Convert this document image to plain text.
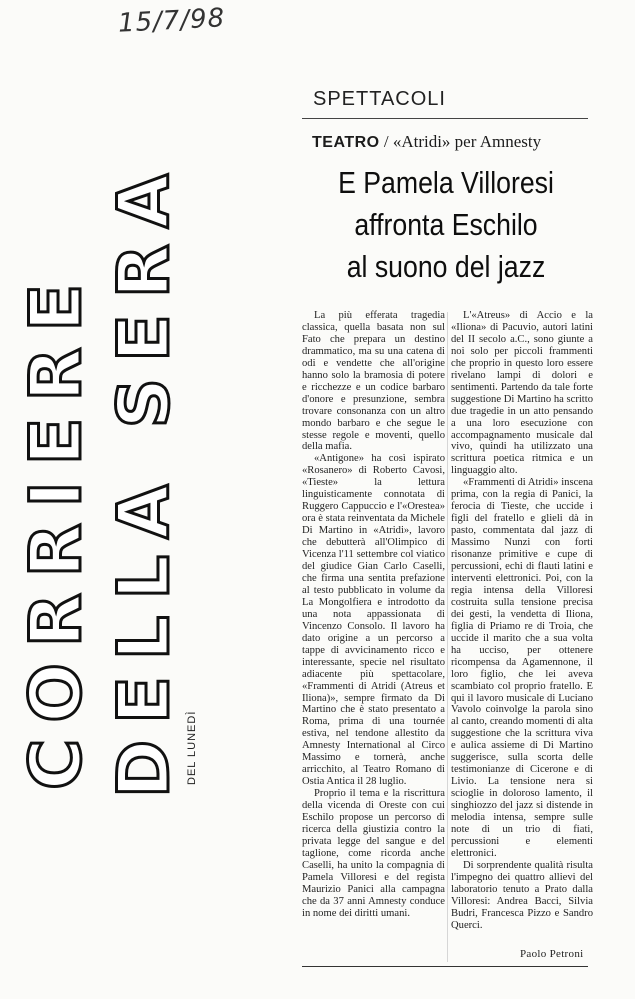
15/7/98
CORRIERE DELLA SERA DEL LUNEDÌ
SPETTACOLI
TEATRO / «Atridi» per Amnesty
E Pamela Villoresi
affronta Eschilo
al suono del jazz

La più efferata tragedia classica, quella basata non sul Fato che prepara un destino drammatico, ma su una catena di odi e vendette che all'origine hanno solo la bramosia di potere e ricchezze e un codice barbaro d'onore e presunzione, sembra trovare consonanza con un altro mondo barbaro e che segue le stesse regole e moventi, quello della mafia.

«Antigone» ha così ispirato «Rosanero» di Roberto Cavosi, «Tieste» la lettura linguisticamente connotata di Ruggero Cappuccio e l'«Orestea» ora è stata reinventata da Michele Di Martino in «Atridi», lavoro che debutterà all'Olimpico di Vicenza l'11 settembre col viatico del giudice Gian Carlo Caselli, che firma una sentita prefazione al testo pubblicato in volume da La Mongolfiera e introdotto da una nota appassionata di Vincenzo Consolo. Il lavoro ha dato origine a un percorso a tappe di avvicinamento ricco e interessante, specie nel risultato adiacente più spettacolare, «Frammenti di Atridi (Atreus et Iliona)», sempre firmato da Di Martino che è stato presentato a Roma, prima di una tournée estiva, nel tendone allestito da Amnesty International al Circo Massimo e tornerà, anche arricchito, al Teatro Romano di Ostia Antica il 28 luglio.

Proprio il tema e la riscrittura della vicenda di Oreste con cui Eschilo propose un percorso di ricerca della giustizia contro la privata legge del sangue e del taglione, come ricorda anche Caselli, ha unito la compagnia di Pamela Villoresi e del regista Maurizio Panici alla campagna che da 37 anni Amnesty conduce in nome dei diritti umani.

L'«Atreus» di Accio e la «Iliona» di Pacuvio, autori latini del II secolo a.C., sono giunte a noi solo per piccoli frammenti che proprio in questo loro essere rivelano lampi di dolori e sentimenti. Partendo da tale forte suggestione Di Martino ha scritto due tragedie in un atto pensando a una loro esecuzione con accompagnamento musicale dal vivo, quindi ha utilizzato una scrittura poetica ritmica e un linguaggio alto.

«Frammenti di Atridi» inscena prima, con la regia di Panici, la ferocia di Tieste, che uccide i figli del fratello e glieli dà in pasto, commentata dal jazz di Massimo Nunzi con forti risonanze primitive e cupe di percussioni, echi di flauti latini e interventi elettronici. Poi, con la regia intensa della Villoresi costruita sulla tensione precisa dei gesti, la vendetta di Iliona, figlia di Priamo re di Troia, che uccide il marito che a sua volta ha ucciso, per ottenere ricompensa da Agamennone, il loro figlio, che lei aveva scambiato col proprio fratello. E qui il lavoro musicale di Luciano Vavolo coinvolge la parola sino al canto, creando momenti di alta suggestione che la scrittura viva e aulica assieme di Di Martino suggerisce, sulla scorta delle testimonianze di Cicerone e di Livio. La tensione nera si scioglie in doloroso lamento, il singhiozzo del jazz si distende in melodia intensa, sempre sulle note di un trio di fiati, percussioni e elementi elettronici.

Di sorprendente qualità risulta l'impegno dei quattro allievi del laboratorio tenuto a Prato dalla Villoresi: Andrea Bacci, Silvia Budri, Francesca Pizzo e Sandro Querci.

Paolo Petroni
